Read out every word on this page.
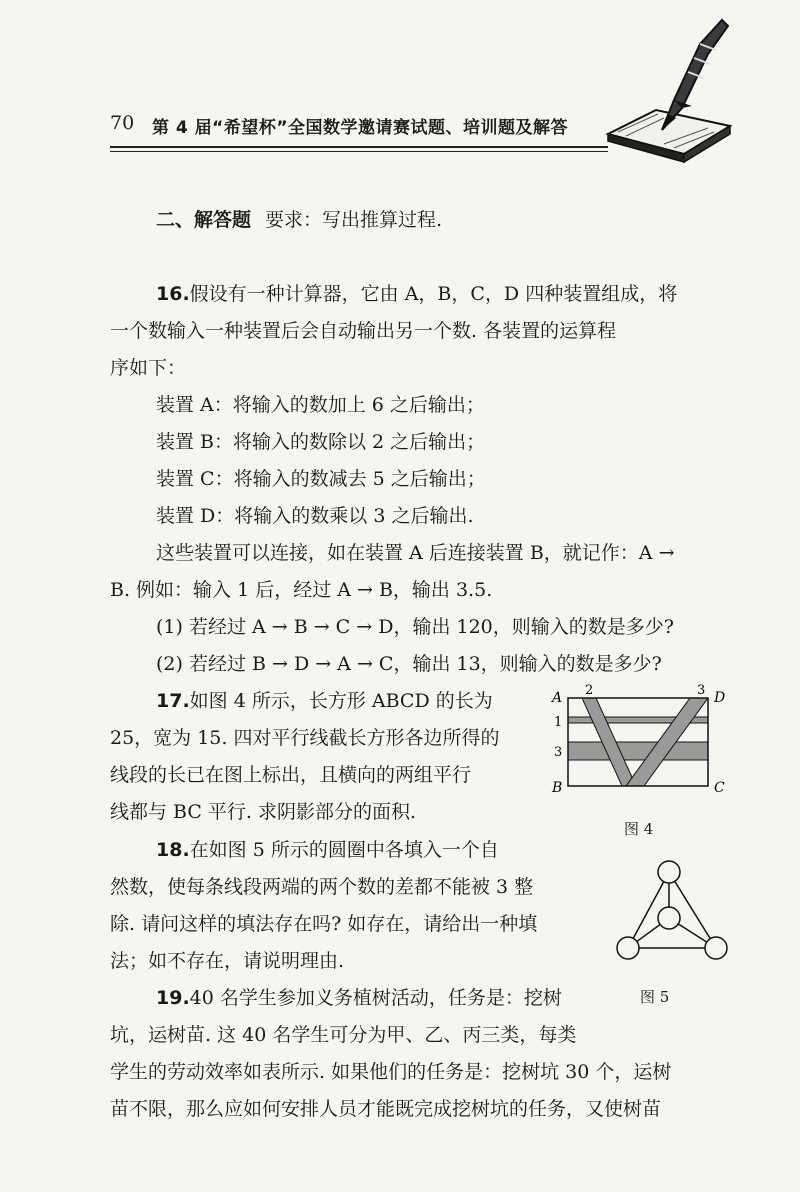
70 第 4 届“希望杯”全国数学邀请赛试题、培训题及解答
二、解答题 要求：写出推算过程.
16.假设有一种计算器，它由 A，B，C，D 四种装置组成，将
一个数输入一种装置后会自动输出另一个数. 各装置的运算程
序如下：
装置 A：将输入的数加上 6 之后输出；
装置 B：将输入的数除以 2 之后输出；
装置 C：将输入的数减去 5 之后输出；
装置 D：将输入的数乘以 3 之后输出.
这些装置可以连接，如在装置 A 后连接装置 B，就记作：A →
B. 例如：输入 1 后，经过 A → B，输出 3.5.
(1) 若经过 A → B → C → D，输出 120，则输入的数是多少?
(2) 若经过 B → D → A → C，输出 13，则输入的数是多少?
17.如图 4 所示，长方形 ABCD 的长为
25，宽为 15. 四对平行线截长方形各边所得的
线段的长已在图上标出，且横向的两组平行
线都与 BC 平行. 求阴影部分的面积.
A
B	C
D
2	3
1
3
图 4
18.在如图 5 所示的圆圈中各填入一个自
然数，使每条线段两端的两个数的差都不能被 3 整
除. 请问这样的填法存在吗? 如存在，请给出一种填
法；如不存在，请说明理由.
图 5
19.40 名学生参加义务植树活动，任务是：挖树
坑，运树苗. 这 40 名学生可分为甲、乙、丙三类，每类
学生的劳动效率如表所示. 如果他们的任务是：挖树坑 30 个，运树
苗不限，那么应如何安排人员才能既完成挖树坑的任务，又使树苗
